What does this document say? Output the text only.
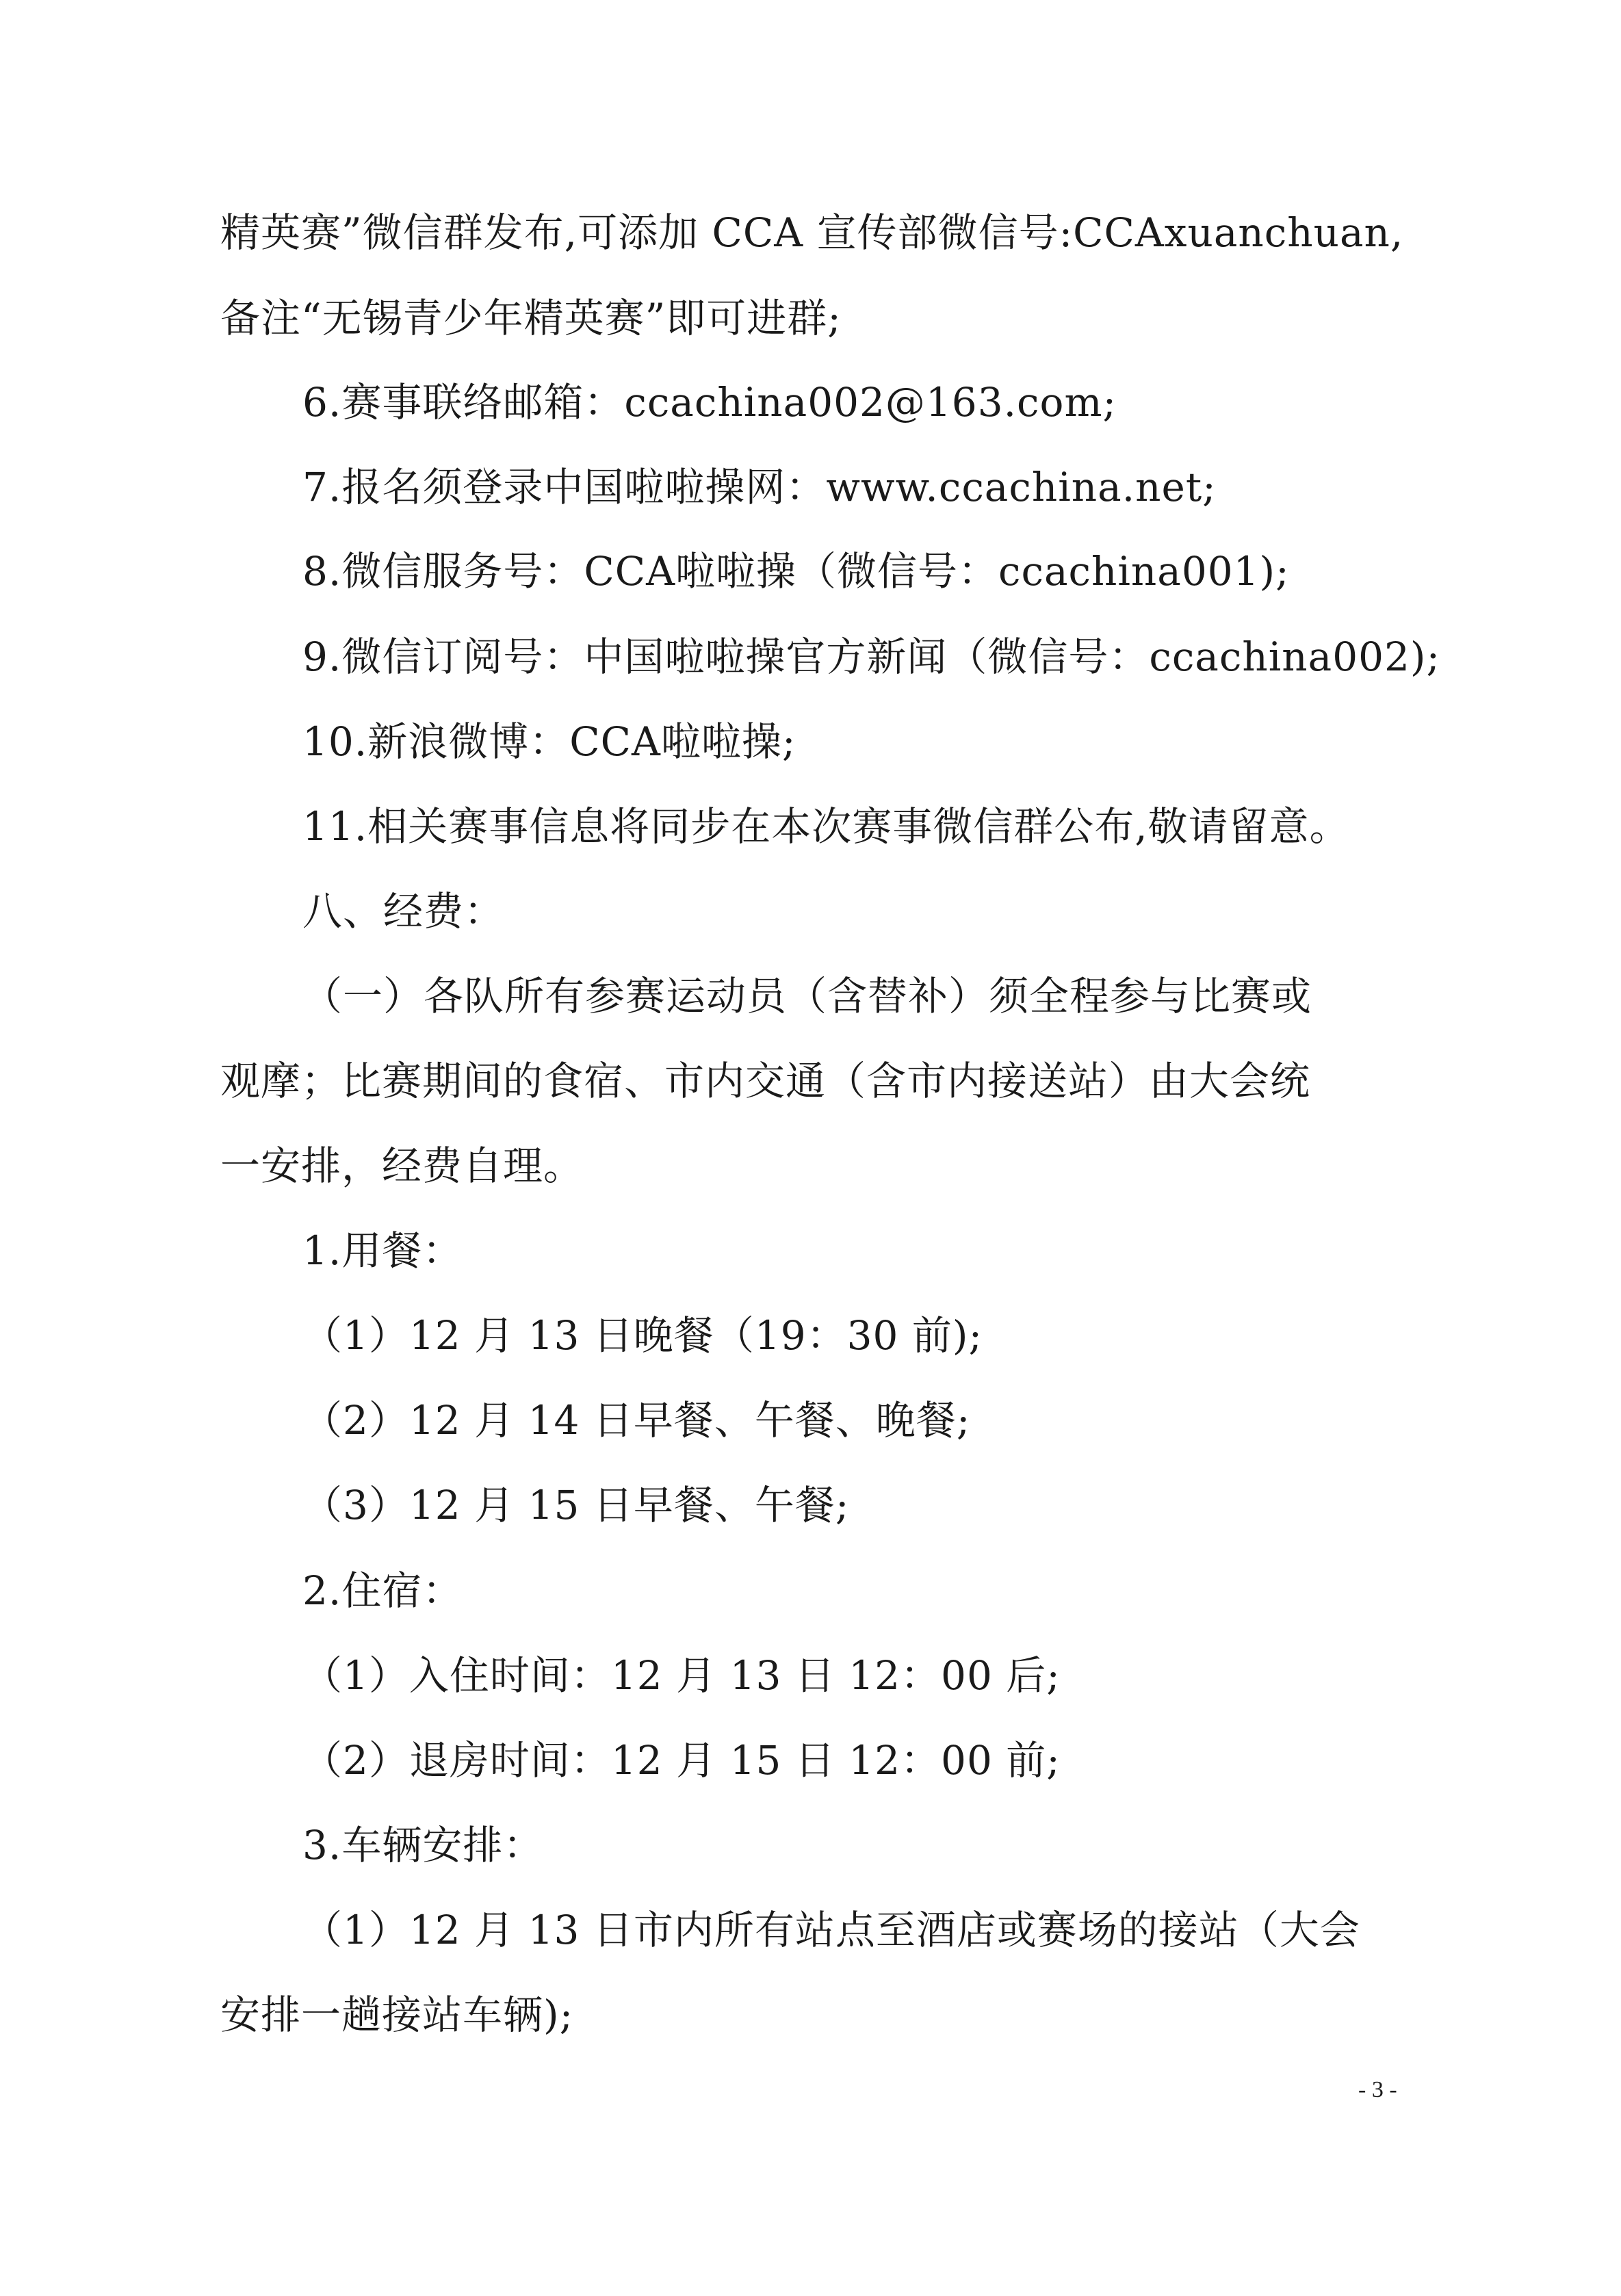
精英赛”微信群发布,可添加 CCA 宣传部微信号:CCAxuanchuan,
备注“无锡青少年精英赛”即可进群;
6.赛事联络邮箱：ccachina002@163.com;
7.报名须登录中国啦啦操网：www.ccachina.net;
8.微信服务号：CCA啦啦操（微信号：ccachina001);
9.微信订阅号：中国啦啦操官方新闻（微信号：ccachina002);
10.新浪微博：CCA啦啦操;
11.相关赛事信息将同步在本次赛事微信群公布,敬请留意。
八、经费：
（一）各队所有参赛运动员（含替补）须全程参与比赛或
观摩；比赛期间的食宿、市内交通（含市内接送站）由大会统
一安排，经费自理。
1.用餐：
（1）12 月 13 日晚餐（19：30 前);
（2）12 月 14 日早餐、午餐、晚餐;
（3）12 月 15 日早餐、午餐;
2.住宿：
（1）入住时间：12 月 13 日 12：00 后;
（2）退房时间：12 月 15 日 12：00 前;
3.车辆安排：
（1）12 月 13 日市内所有站点至酒店或赛场的接站（大会
安排一趟接站车辆);
- 3 -
